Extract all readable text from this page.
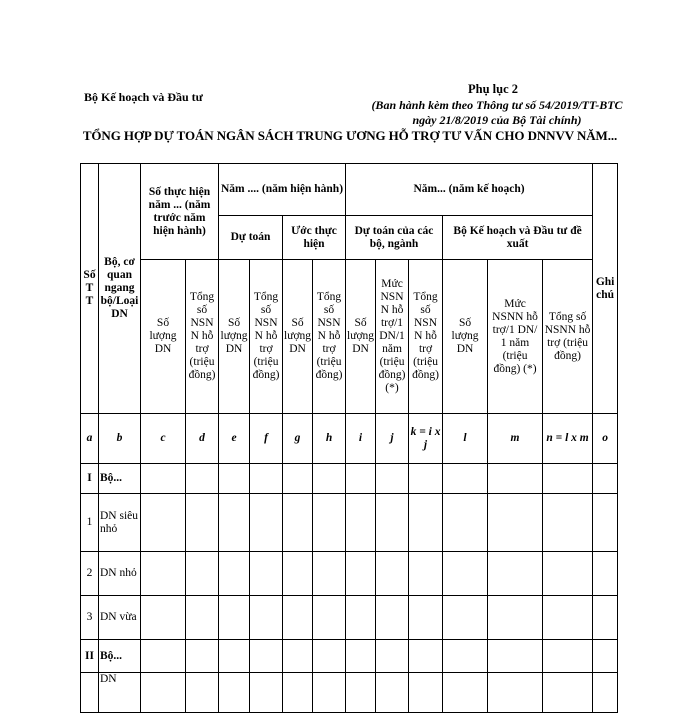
Bộ Kế hoạch và Đầu tư
Phụ lục 2
(Ban hành kèm theo Thông tư số 54/2019/TT-BTC ngày 21/8/2019 của Bộ Tài chính)
TỔNG HỢP DỰ TOÁN NGÂN SÁCH TRUNG ƯƠNG HỖ TRỢ TƯ VẤN CHO DNNVV NĂM...
Số TT	Bộ, cơ quan ngang bộ/Loại DN	Số thực hiện năm ... (năm trước năm hiện hành)		Năm .... (năm hiện hành)				Năm... (năm kế hoạch)						Ghi chú
				Dự toán		Ước thực hiện		Dự toán của các bộ, ngành			Bộ Kế hoạch và Đầu tư đề xuất			
		Số lượng DN	Tổng số NSNN hỗ trợ (triệu đồng)	Số lượng DN	Tổng số NSNN hỗ trợ (triệu đồng)	Số lượng DN	Tổng số NSNN hỗ trợ (triệu đồng)	Số lượng DN	Mức NSNN hỗ trợ/1 DN/1 năm (triệu đồng) (*)	Tổng số NSNN hỗ trợ (triệu đồng)	Số lượng DN	Mức NSNN hỗ trợ/1 DN/ 1 năm (triệu đồng) (*)	Tổng số NSNN hỗ trợ (triệu đồng)	
a	b	c	d	e	f	g	h	i	j	k = i x j	l	m	n = l x m	o
I	Bộ...													
1	DN siêu nhỏ													
2	DN nhỏ													
3	DN vừa													
II	Bộ...													
	DN													
